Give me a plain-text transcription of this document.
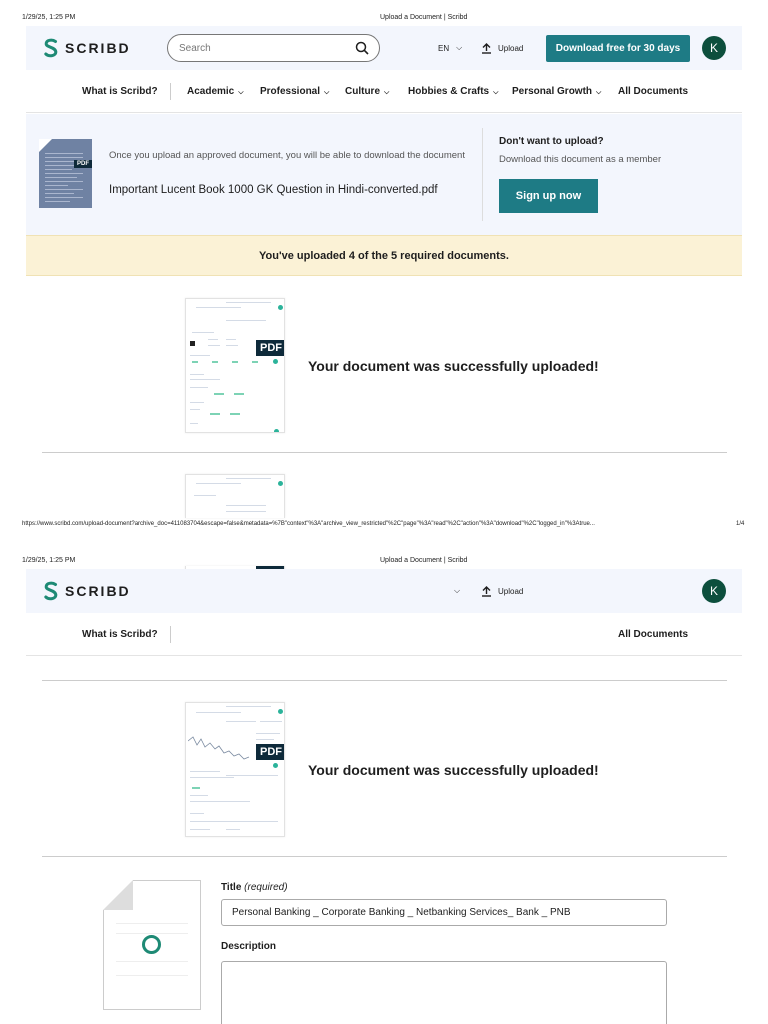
1/29/25, 1:25 PM	Upload a Document | Scribd
SCRIBD	Search	EN ⌵	Upload	Download free for 30 days	K
What is Scribd?	Academic ⌵ Professional ⌵ Culture ⌵ Hobbies & Crafts ⌵ Personal Growth ⌵ All Documents
PDF
Once you upload an approved document, you will be able to download the document
Important Lucent Book 1000 GK Question in Hindi-converted.pdf
Don't want to upload?
Download this document as a member
Sign up now
You've uploaded 4 of the 5 required documents.
PDF
Your document was successfully uploaded!
https://www.scribd.com/upload-document?archive_doc=411083704&escape=false&metadata=%7B"context"%3A"archive_view_restricted"%2C"page"%3A"read"%2C"action"%3A"download"%2C"logged_in"%3Atrue...	1/4
1/29/25, 1:25 PM	Upload a Document | Scribd
SCRIBD	⌵	Upload	K
What is Scribd?	All Documents
PDF
Your document was successfully uploaded!
Title (required)
Personal Banking _ Corporate Banking _ Netbanking Services_ Bank _ PNB
Description
